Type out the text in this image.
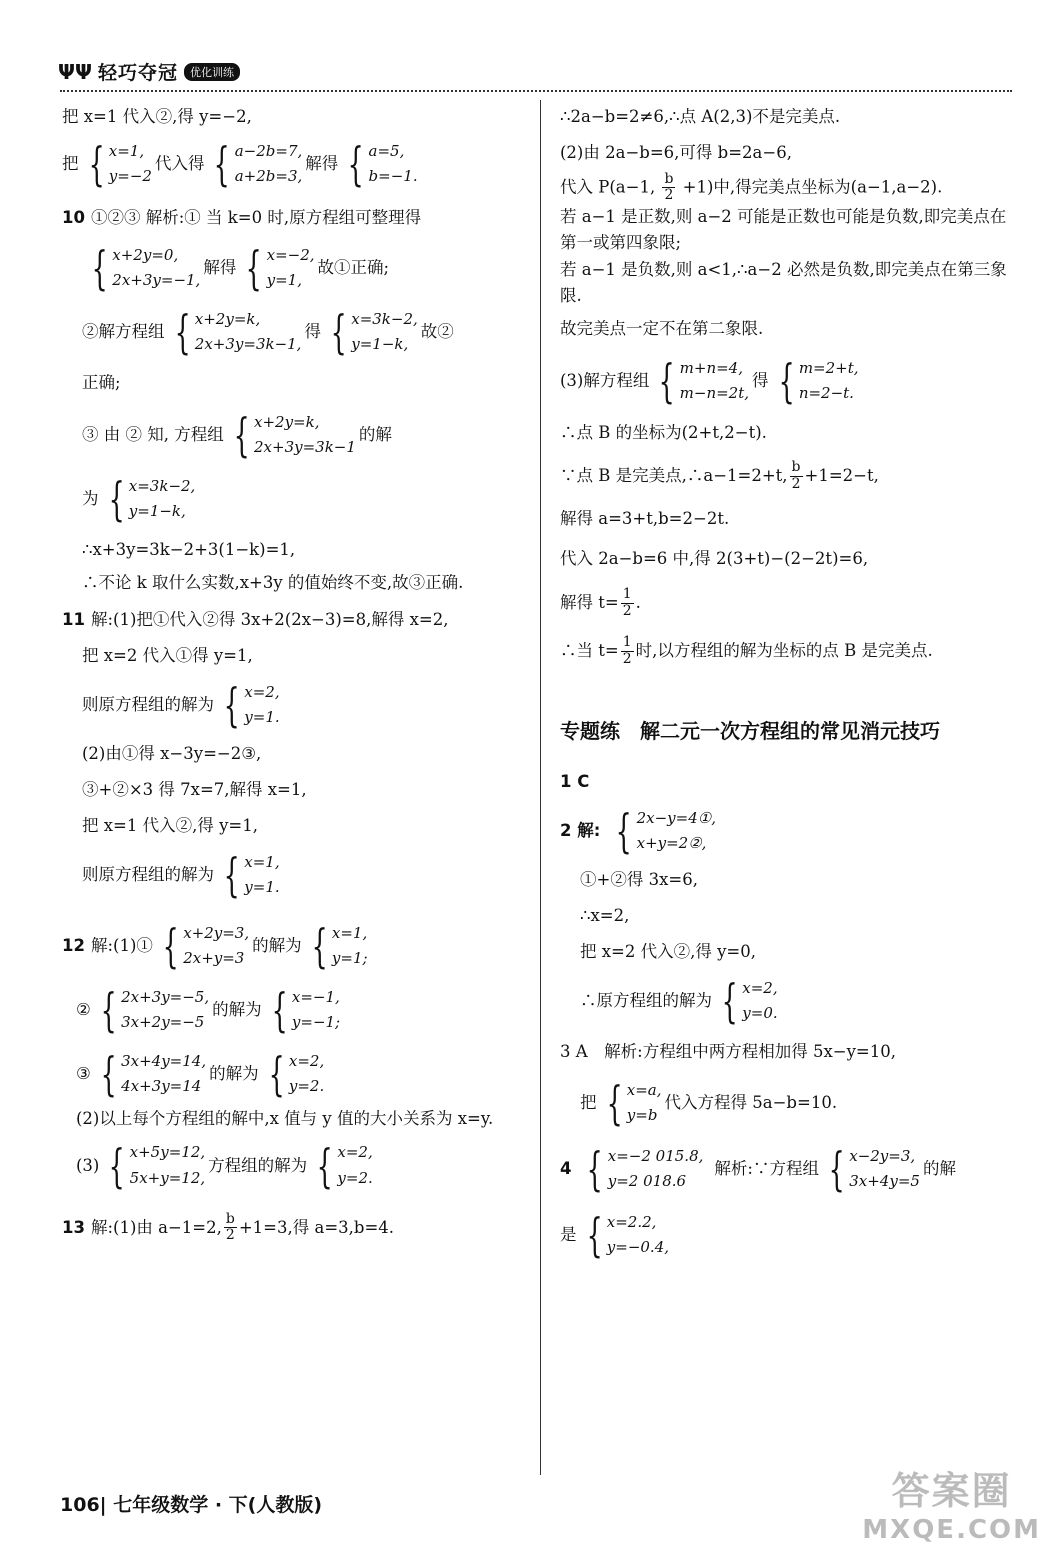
ΨΨ 轻巧夺冠	优化训练

把 x=1 代入②,得 y=−2,

把 { x=1,
y=−2
代入得 { a−2b=7,
a+2b=3,
解得 { a=5,
b=−1.

10 ①②③ 解析:① 当 k=0 时,原方程组可整理得

{ x+2y=0,
2x+3y=−1,
解得 { x=−2,
y=1,
故①正确;

②解方程组 { x+2y=k,
2x+3y=3k−1,
得 { x=3k−2,
y=1−k,
故②

正确;

③ 由 ② 知, 方程组 { x+2y=k,
2x+3y=3k−1
的解

为 { x=3k−2,
y=1−k,

∴x+3y=3k−2+3(1−k)=1,

∴不论 k 取什么实数,x+3y 的值始终不变,故③正确.

11 解:(1)把①代入②得 3x+2(2x−3)=8,解得 x=2,

把 x=2 代入①得 y=1,

则原方程组的解为 { x=2,
y=1.

(2)由①得 x−3y=−2③,

③+②×3 得 7x=7,解得 x=1,

把 x=1 代入②,得 y=1,

则原方程组的解为 { x=1,
y=1.

12 解:(1)① { x+2y=3,
2x+y=3
的解为 { x=1,
y=1;

② { 2x+3y=−5,
3x+2y=−5
的解为 { x=−1,
y=−1;

③ { 3x+4y=14,
4x+3y=14
的解为 { x=2,
y=2.

(2)以上每个方程组的解中,x 值与 y 值的大小关系为 x=y.

(3) { x+5y=12,
5x+y=12,
方程组的解为 { x=2,
y=2.

13 解:(1)由 a−1=2, $\frac{b}{2} +1=3$,得 a=3,b=4.

∴2a−b=2≠6,∴点 A(2,3)不是完美点.

(2)由 2a−b=6,可得 b=2a−6,

代入 P(a−1, $\frac{b}{2} +1$)中,得完美点坐标为(a−1,a−2).

若 a−1 是正数,则 a−2 可能是正数也可能是负数,即完美点在第一或第四象限;

若 a−1 是负数,则 a<1,∴a−2 必然是负数,即完美点在第三象限.

故完美点一定不在第二象限.

(3)解方程组 { m+n=4,
m−n=2t,
得 { m=2+t,
n=2−t.

∴点 B 的坐标为(2+t,2−t).

∵点 B 是完美点,∴a−1=2+t, $\frac{b}{2} +1=2-t$,

解得 a=3+t,b=2−2t.

代入 2a−b=6 中,得 2(3+t)−(2−2t)=6,

解得 $t= \frac{1}{2}$ .

∴当 $t= \frac{1}{2}$ 时,以方程组的解为坐标的点 B 是完美点.

专题练　解二元一次方程组的常见消元技巧

1 C

2 解: { 2x−y=4①,
x+y=2②,

①+②得 3x=6,

∴x=2,

把 x=2 代入②,得 y=0,

∴原方程组的解为 { x=2,
y=0.

3 A　解析:方程组中两方程相加得 5x−y=10,

把 { x=a,
y=b
代入方程得 5a−b=10.

4 { x=−2 015.8,
y=2 018.6
解析:∵方程组 { x−2y=3,
3x+4y=5
的解

是 { x=2.2,
y=−0.4,

106| 七年级数学 · 下(人教版)	答案圈
MXQE.COM
